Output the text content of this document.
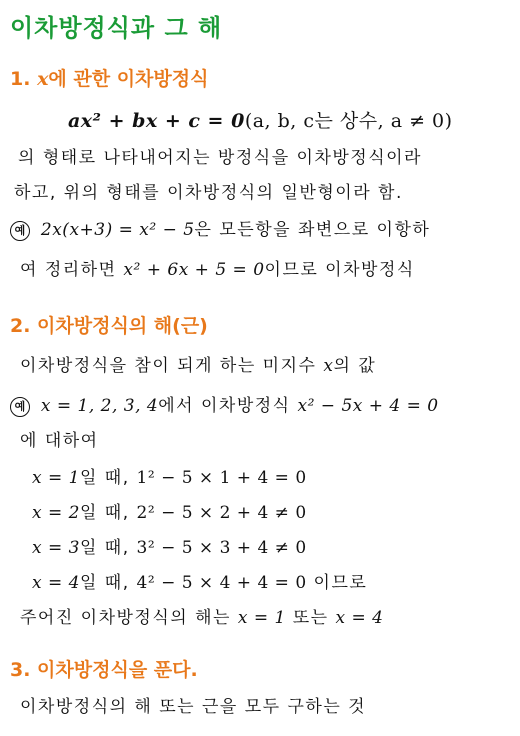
이차방정식과 그 해
1. x에 관한 이차방정식
ax² + bx + c = 0(a, b, c는 상수, a ≠ 0)
의 형태로 나타내어지는 방정식을 이차방정식이라
하고, 위의 형태를 이차방정식의 일반형이라 함.
예 2x(x+3) = x² − 5은 모든항을 좌변으로 이항하
여 정리하면 x² + 6x + 5 = 0이므로 이차방정식
2. 이차방정식의 해(근)
이차방정식을 참이 되게 하는 미지수 x의 값
예 x = 1, 2, 3, 4에서 이차방정식 x² − 5x + 4 = 0
에 대하여
x = 1일 때, 1² − 5 × 1 + 4 = 0
x = 2일 때, 2² − 5 × 2 + 4 ≠ 0
x = 3일 때, 3² − 5 × 3 + 4 ≠ 0
x = 4일 때, 4² − 5 × 4 + 4 = 0 이므로
주어진 이차방정식의 해는 x = 1 또는 x = 4
3. 이차방정식을 푼다.
이차방정식의 해 또는 근을 모두 구하는 것
